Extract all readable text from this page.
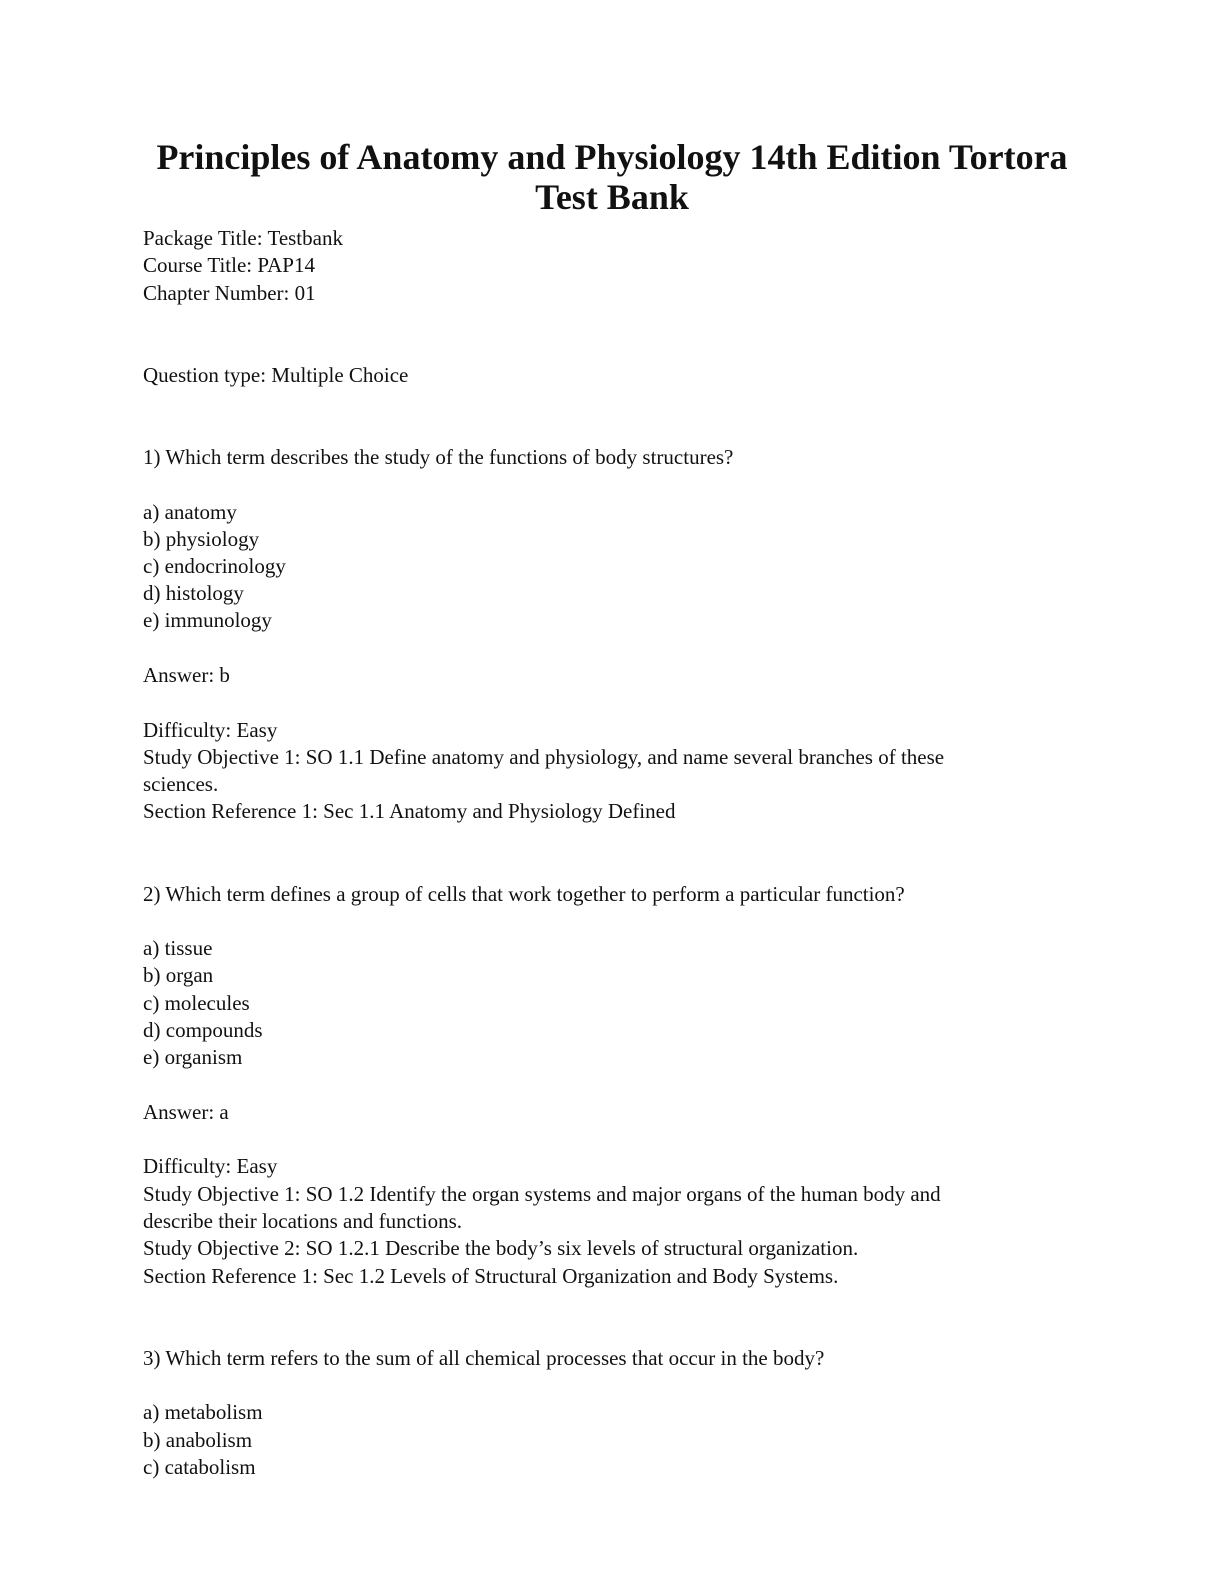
Principles of Anatomy and Physiology 14th Edition Tortora
Test Bank

Package Title: Testbank

Course Title: PAP14

Chapter Number: 01

Question type: Multiple Choice

1) Which term describes the study of the functions of body structures?

a) anatomy

b) physiology

c) endocrinology

d) histology

e) immunology

Answer: b

Difficulty: Easy

Study Objective 1: SO 1.1 Define anatomy and physiology, and name several branches of these

sciences.

Section Reference 1: Sec 1.1 Anatomy and Physiology Defined

2) Which term defines a group of cells that work together to perform a particular function?

a) tissue

b) organ

c) molecules

d) compounds

e) organism

Answer: a

Difficulty: Easy

Study Objective 1: SO 1.2 Identify the organ systems and major organs of the human body and

describe their locations and functions.

Study Objective 2: SO 1.2.1 Describe the body’s six levels of structural organization.

Section Reference 1: Sec 1.2 Levels of Structural Organization and Body Systems.

3) Which term refers to the sum of all chemical processes that occur in the body?

a) metabolism

b) anabolism

c) catabolism
